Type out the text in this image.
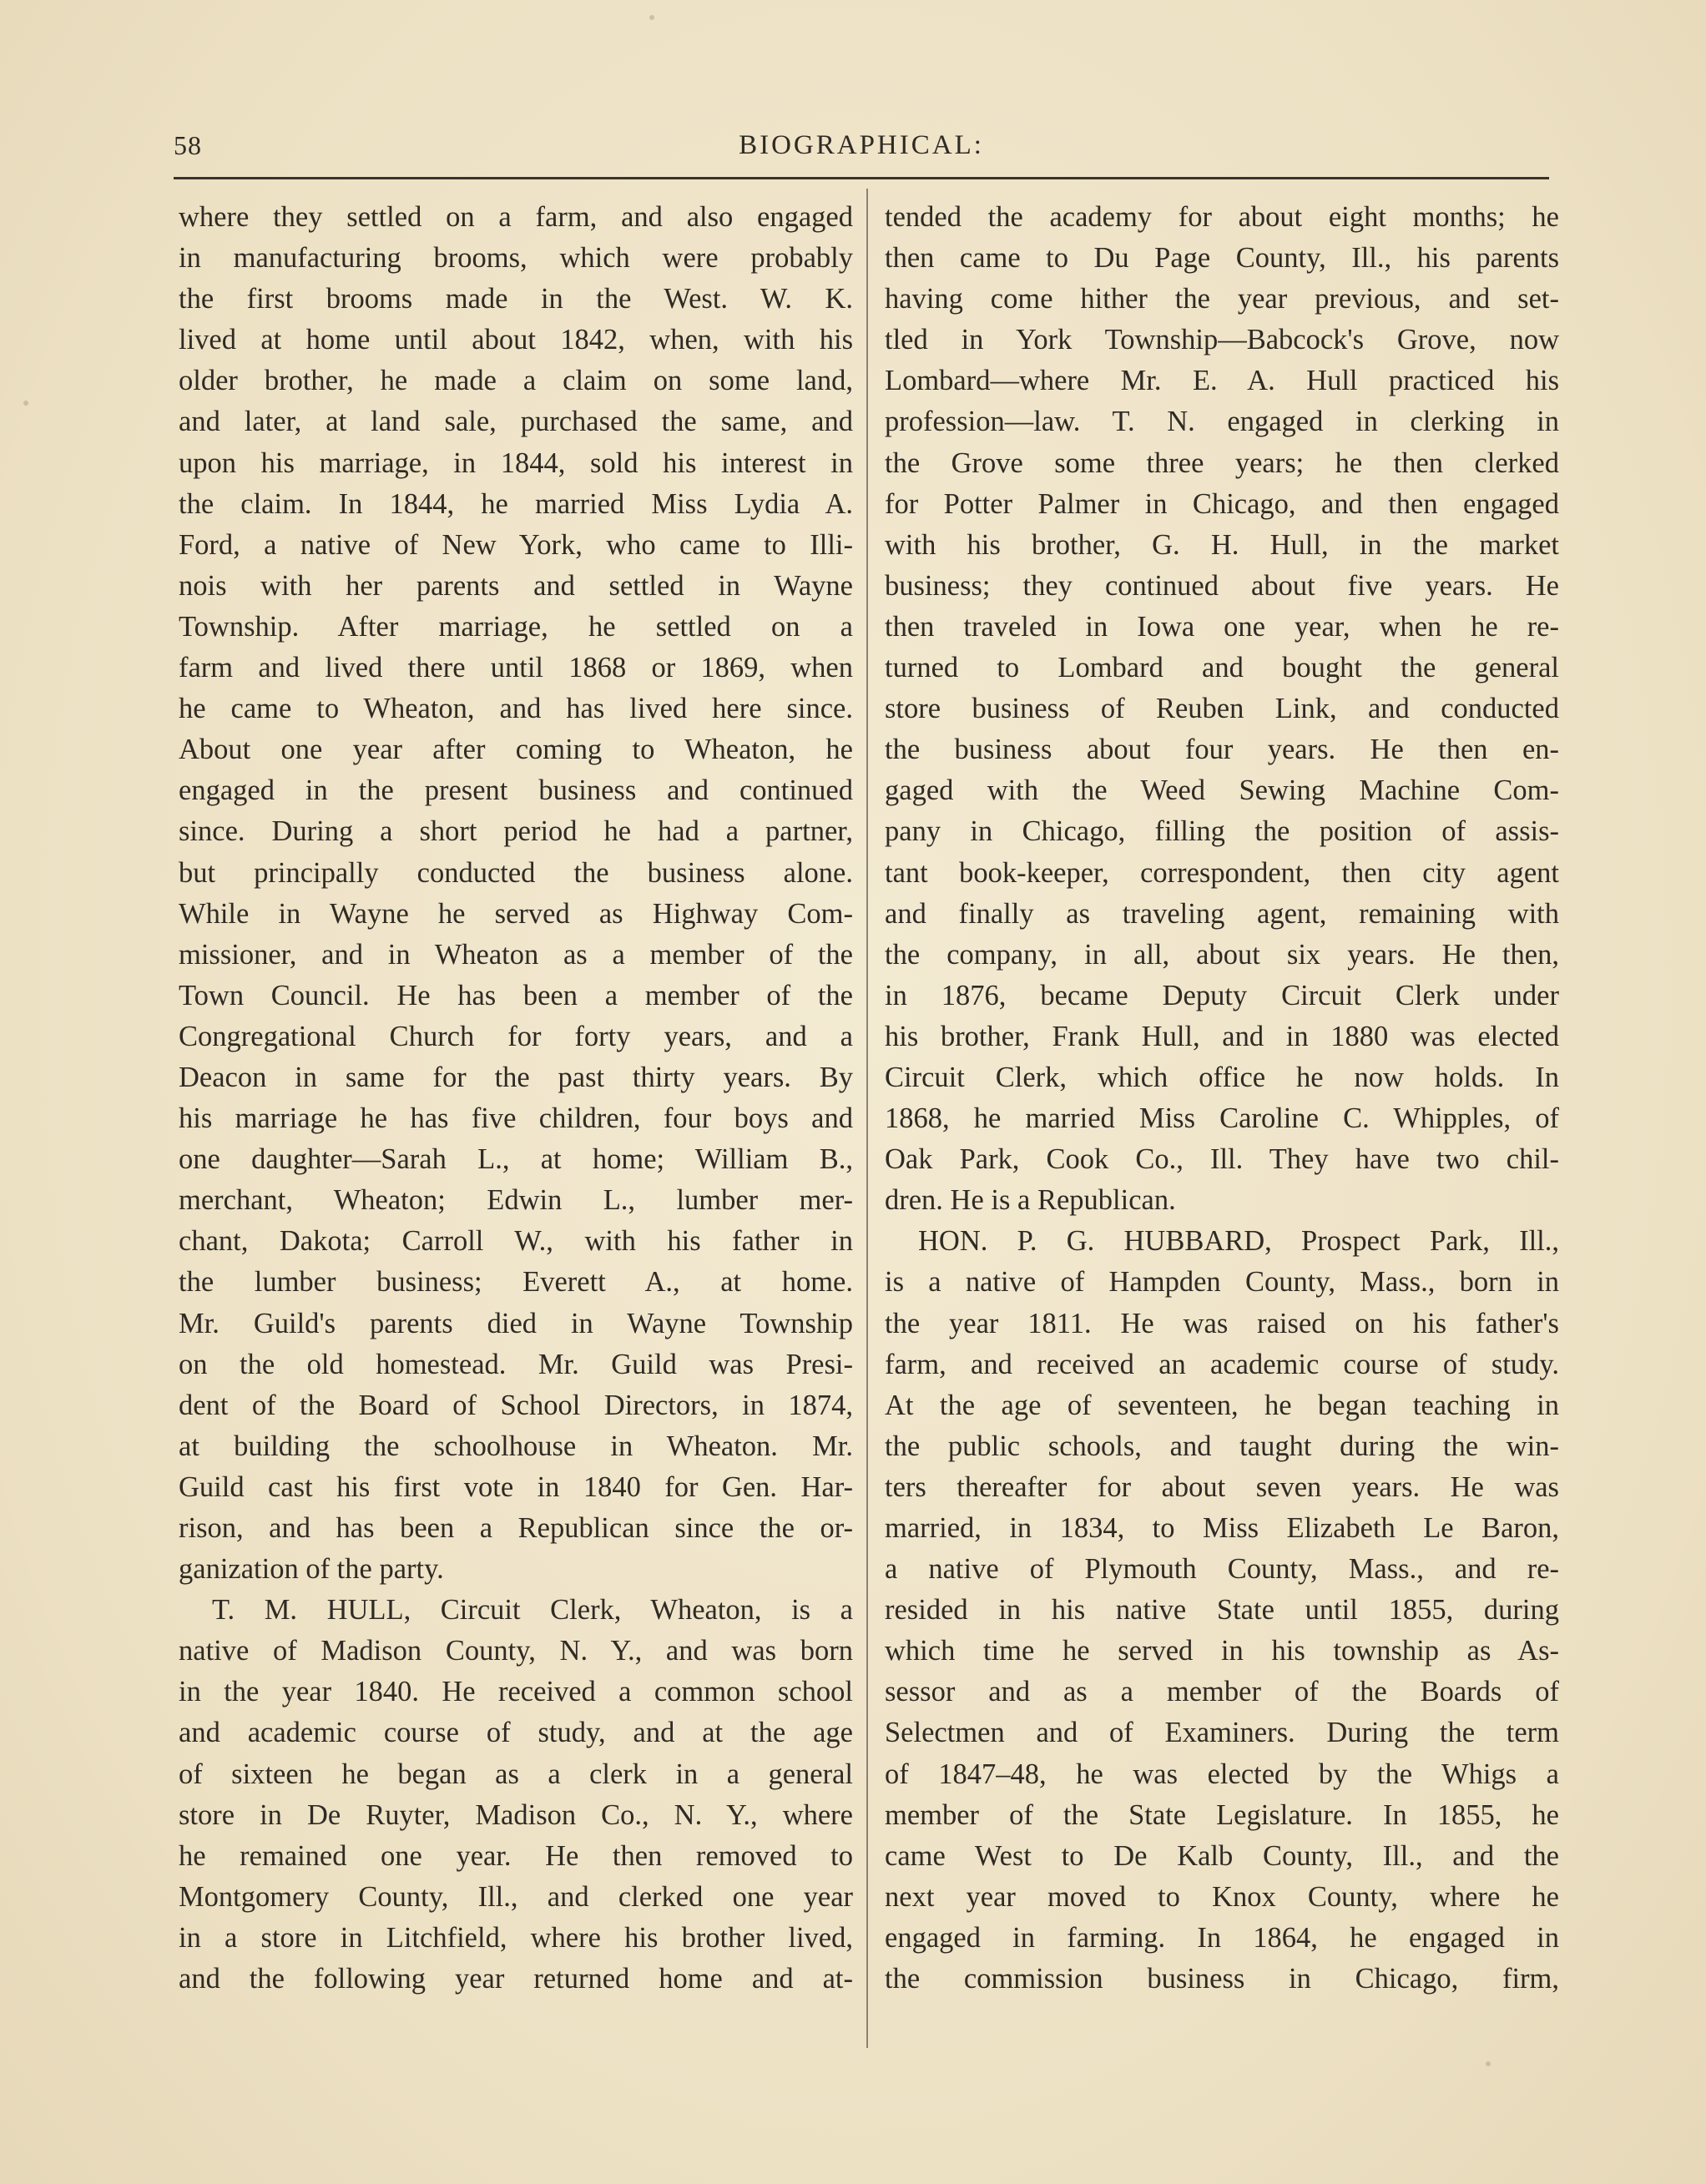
58	BIOGRAPHICAL:
where they settled on a farm, and also engaged
in manufacturing brooms, which were probably
the first brooms made in the West. W. K.
lived at home until about 1842, when, with his
older brother, he made a claim on some land,
and later, at land sale, purchased the same, and
upon his marriage, in 1844, sold his interest in
the claim. In 1844, he married Miss Lydia A.
Ford, a native of New York, who came to Illi-
nois with her parents and settled in Wayne
Township. After marriage, he settled on a
farm and lived there until 1868 or 1869, when
he came to Wheaton, and has lived here since.
About one year after coming to Wheaton, he
engaged in the present business and continued
since. During a short period he had a partner,
but principally conducted the business alone.
While in Wayne he served as Highway Com-
missioner, and in Wheaton as a member of the
Town Council. He has been a member of the
Congregational Church for forty years, and a
Deacon in same for the past thirty years. By
his marriage he has five children, four boys and
one daughter—Sarah L., at home; William B.,
merchant, Wheaton; Edwin L., lumber mer-
chant, Dakota; Carroll W., with his father in
the lumber business; Everett A., at home.
Mr. Guild's parents died in Wayne Township
on the old homestead. Mr. Guild was Presi-
dent of the Board of School Directors, in 1874,
at building the schoolhouse in Wheaton. Mr.
Guild cast his first vote in 1840 for Gen. Har-
rison, and has been a Republican since the or-
ganization of the party.
T. M. HULL, Circuit Clerk, Wheaton, is a
native of Madison County, N. Y., and was born
in the year 1840. He received a common school
and academic course of study, and at the age
of sixteen he began as a clerk in a general
store in De Ruyter, Madison Co., N. Y., where
he remained one year. He then removed to
Montgomery County, Ill., and clerked one year
in a store in Litchfield, where his brother lived,
and the following year returned home and at-
tended the academy for about eight months; he
then came to Du Page County, Ill., his parents
having come hither the year previous, and set-
tled in York Township—Babcock's Grove, now
Lombard—where Mr. E. A. Hull practiced his
profession—law. T. N. engaged in clerking in
the Grove some three years; he then clerked
for Potter Palmer in Chicago, and then engaged
with his brother, G. H. Hull, in the market
business; they continued about five years. He
then traveled in Iowa one year, when he re-
turned to Lombard and bought the general
store business of Reuben Link, and conducted
the business about four years. He then en-
gaged with the Weed Sewing Machine Com-
pany in Chicago, filling the position of assis-
tant book-keeper, correspondent, then city agent
and finally as traveling agent, remaining with
the company, in all, about six years. He then,
in 1876, became Deputy Circuit Clerk under
his brother, Frank Hull, and in 1880 was elected
Circuit Clerk, which office he now holds. In
1868, he married Miss Caroline C. Whipples, of
Oak Park, Cook Co., Ill. They have two chil-
dren. He is a Republican.
HON. P. G. HUBBARD, Prospect Park, Ill.,
is a native of Hampden County, Mass., born in
the year 1811. He was raised on his father's
farm, and received an academic course of study.
At the age of seventeen, he began teaching in
the public schools, and taught during the win-
ters thereafter for about seven years. He was
married, in 1834, to Miss Elizabeth Le Baron,
a native of Plymouth County, Mass., and re-
resided in his native State until 1855, during
which time he served in his township as As-
sessor and as a member of the Boards of
Selectmen and of Examiners. During the term
of 1847–48, he was elected by the Whigs a
member of the State Legislature. In 1855, he
came West to De Kalb County, Ill., and the
next year moved to Knox County, where he
engaged in farming. In 1864, he engaged in
the commission business in Chicago, firm,
